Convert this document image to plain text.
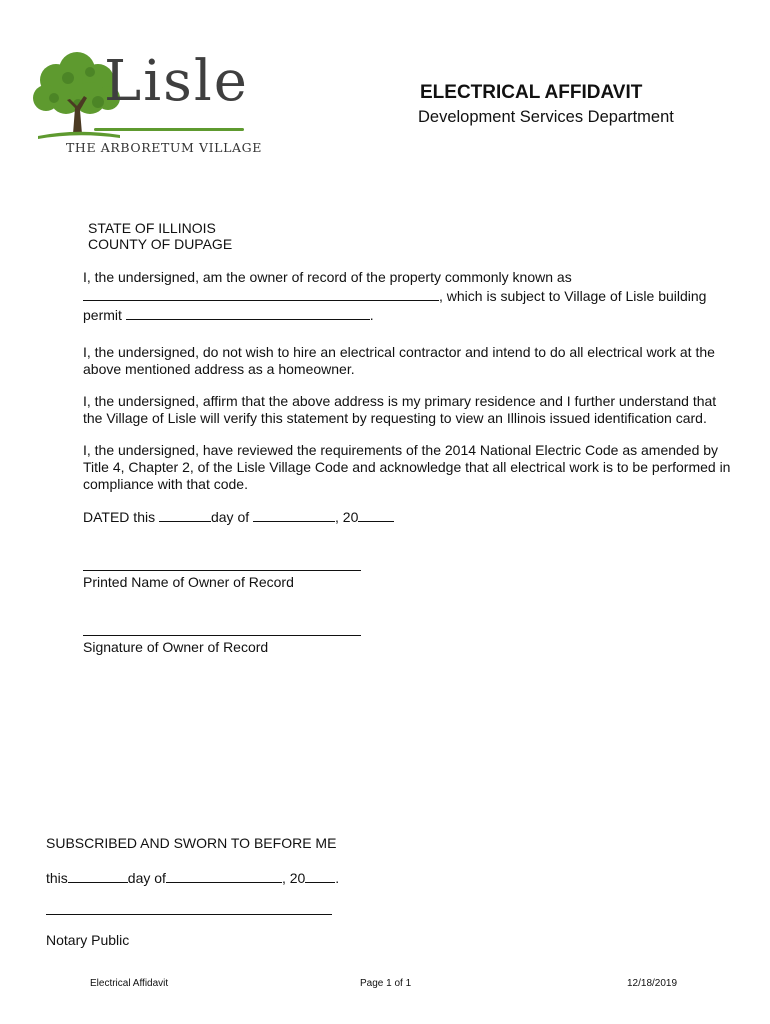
Lisle
THE ARBORETUM VILLAGE
ELECTRICAL AFFIDAVIT
Development Services Department
STATE OF ILLINOIS
COUNTY OF DUPAGE
I, the undersigned, am the owner of record of the property commonly known as
, which is subject to Village of Lisle building
permit	.
I, the undersigned, do not wish to hire an electrical contractor and intend to do all electrical work at the
above mentioned address as a homeowner.
I, the undersigned, affirm that the above address is my primary residence and I further understand that
the Village of Lisle will verify this statement by requesting to view an Illinois issued identification card.
I, the undersigned, have reviewed the requirements of the 2014 National Electric Code as amended by
Title 4, Chapter 2, of the Lisle Village Code and acknowledge that all electrical work is to be performed in
compliance with that code.
DATED this	day of	, 20
Printed Name of Owner of Record
Signature of Owner of Record
SUBSCRIBED AND SWORN TO BEFORE ME
this	day of	, 20 .
Notary Public
Electrical Affidavit	Page 1 of 1	12/18/2019
